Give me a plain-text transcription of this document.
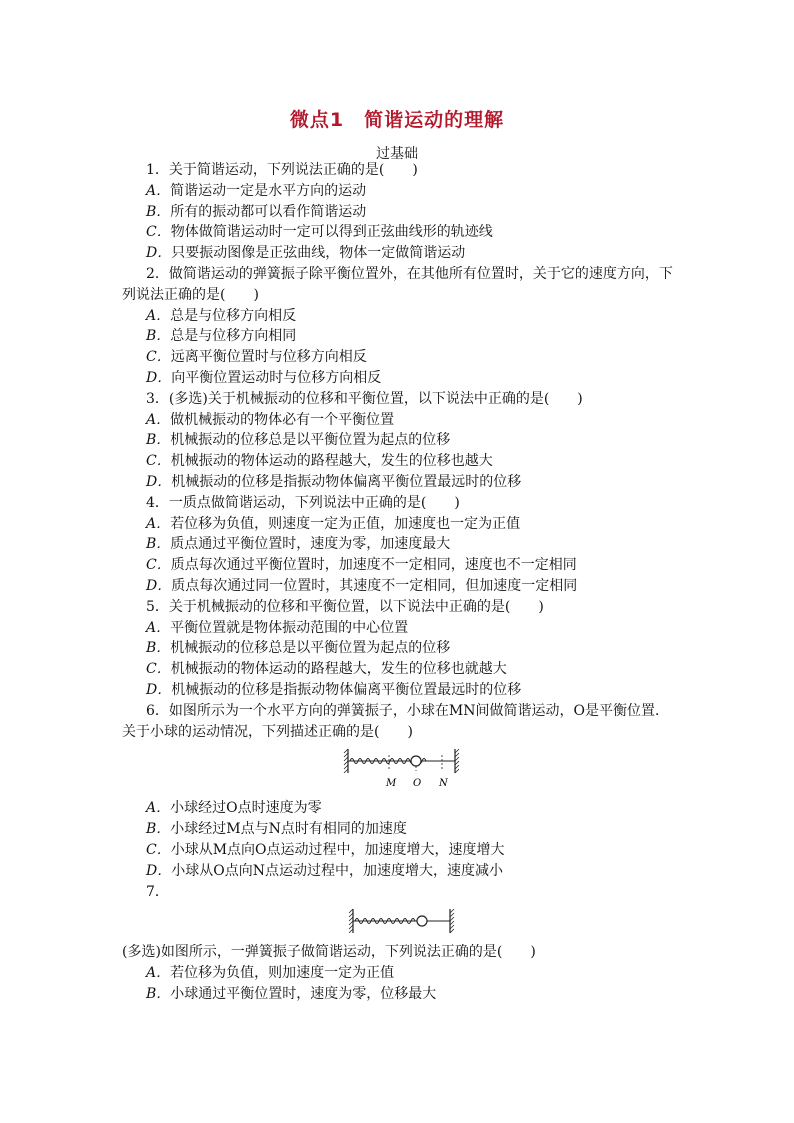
微点1　简谐运动的理解
过基础

1．关于简谐运动，下列说法正确的是(　　)

A．简谐运动一定是水平方向的运动

B．所有的振动都可以看作简谐运动

C．物体做简谐运动时一定可以得到正弦曲线形的轨迹线

D．只要振动图像是正弦曲线，物体一定做简谐运动

2．做简谐运动的弹簧振子除平衡位置外，在其他所有位置时，关于它的速度方向，下列说法正确的是(　　)

A．总是与位移方向相反

B．总是与位移方向相同

C．远离平衡位置时与位移方向相反

D．向平衡位置运动时与位移方向相反

3．(多选)关于机械振动的位移和平衡位置，以下说法中正确的是(　　)

A．做机械振动的物体必有一个平衡位置

B．机械振动的位移总是以平衡位置为起点的位移

C．机械振动的物体运动的路程越大，发生的位移也越大

D．机械振动的位移是指振动物体偏离平衡位置最远时的位移

4．一质点做简谐运动，下列说法中正确的是(　　)

A．若位移为负值，则速度一定为正值，加速度也一定为正值

B．质点通过平衡位置时，速度为零，加速度最大

C．质点每次通过平衡位置时，加速度不一定相同，速度也不一定相同

D．质点每次通过同一位置时，其速度不一定相同，但加速度一定相同

5．关于机械振动的位移和平衡位置，以下说法中正确的是(　　)

A．平衡位置就是物体振动范围的中心位置

B．机械振动的位移总是以平衡位置为起点的位移

C．机械振动的物体运动的路程越大，发生的位移也就越大

D．机械振动的位移是指振动物体偏离平衡位置最远时的位移

6．如图所示为一个水平方向的弹簧振子，小球在MN间做简谐运动，O是平衡位置．关于小球的运动情况，下列描述正确的是(　　)

M O N

A．小球经过O点时速度为零

B．小球经过M点与N点时有相同的加速度

C．小球从M点向O点运动过程中，加速度增大，速度增大

D．小球从O点向N点运动过程中，加速度增大，速度减小

7．

(多选)如图所示，一弹簧振子做简谐运动，下列说法正确的是(　　)

A．若位移为负值，则加速度一定为正值

B．小球通过平衡位置时，速度为零，位移最大
